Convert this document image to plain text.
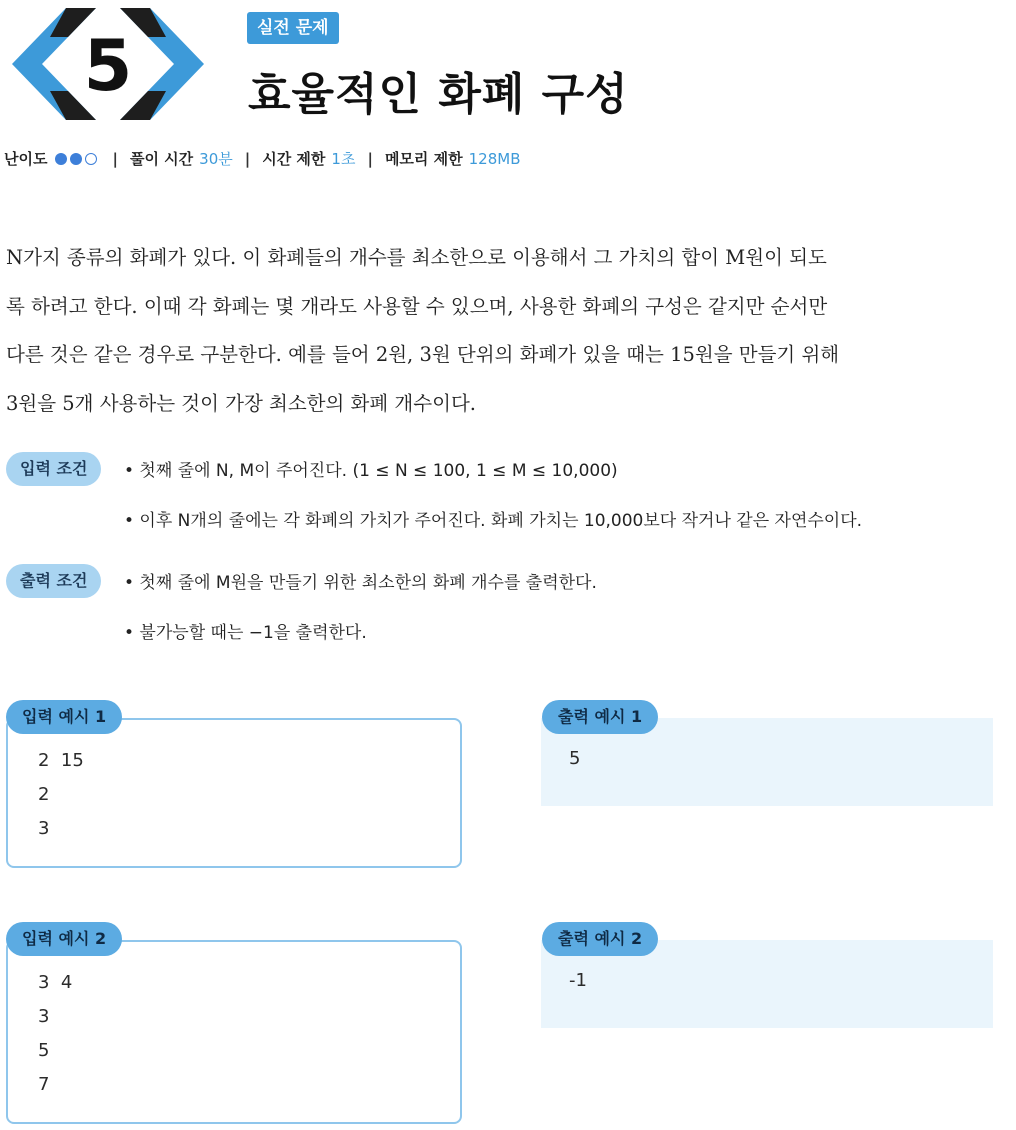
5	실전 문제
효율적인 화폐 구성
난이도	| 풀이 시간 30분 | 시간 제한 1초 | 메모리 제한 128MB
N가지 종류의 화폐가 있다. 이 화폐들의 개수를 최소한으로 이용해서 그 가치의 합이 M원이 되도
록 하려고 한다. 이때 각 화폐는 몇 개라도 사용할 수 있으며, 사용한 화폐의 구성은 같지만 순서만
다른 것은 같은 경우로 구분한다. 예를 들어 2원, 3원 단위의 화폐가 있을 때는 15원을 만들기 위해
3원을 5개 사용하는 것이 가장 최소한의 화폐 개수이다.
입력 조건	• 첫째 줄에 N, M이 주어진다. (1 ≤ N ≤ 100, 1 ≤ M ≤ 10,000)
• 이후 N개의 줄에는 각 화폐의 가치가 주어진다. 화폐 가치는 10,000보다 작거나 같은 자연수이다.
출력 조건	• 첫째 줄에 M원을 만들기 위한 최소한의 화폐 개수를 출력한다.
• 불가능할 때는 −1을 출력한다.
2  15
2
3
입력 예시 1
5
출력 예시 1
3  4
3
5
7
입력 예시 2
-1
출력 예시 2
